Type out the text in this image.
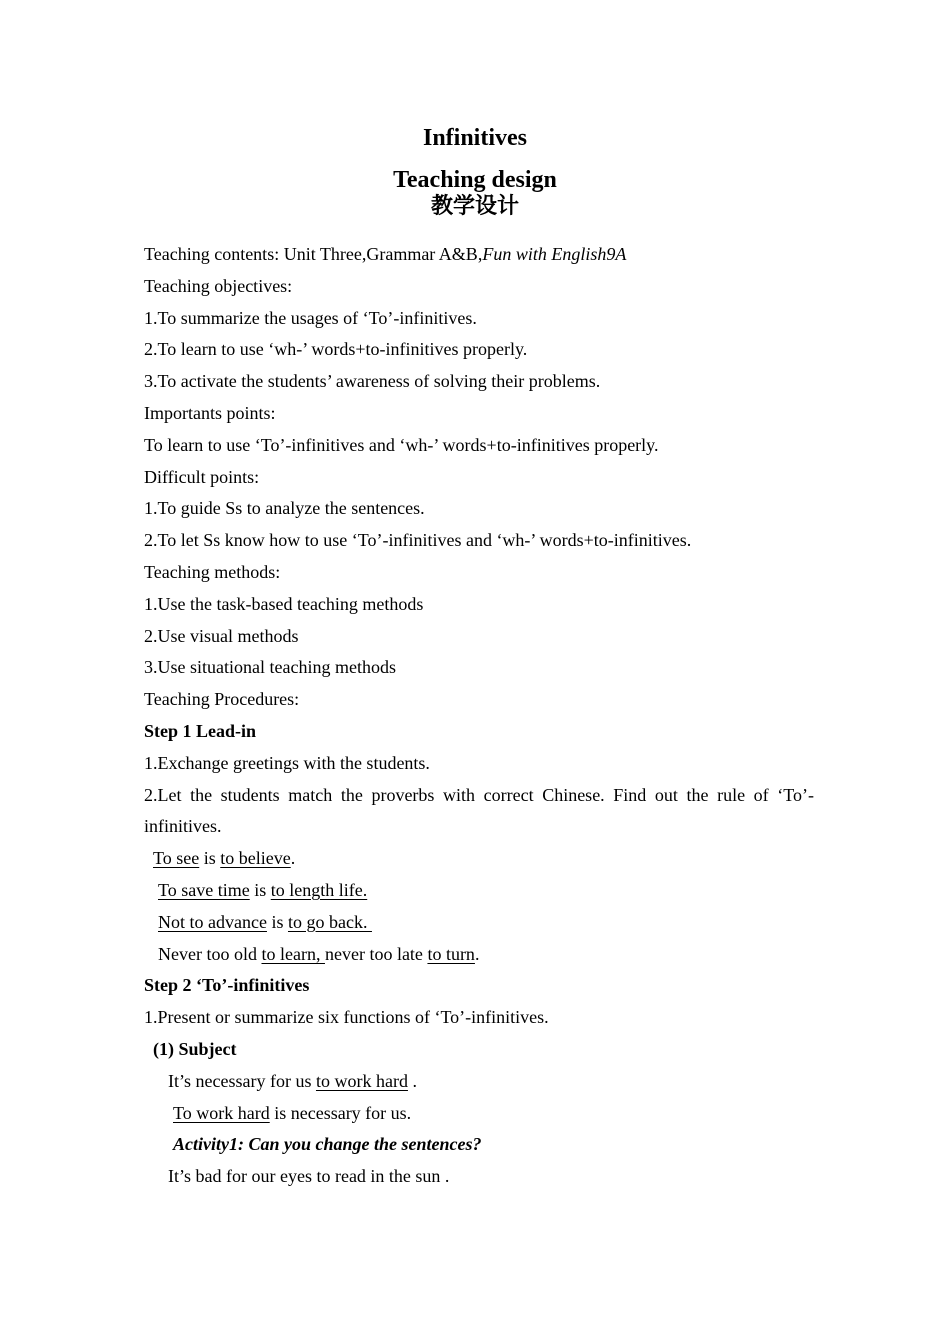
Infinitives
Teaching design
教学设计
Teaching contents: Unit Three,Grammar A&B,Fun with English9A
Teaching objectives:
1.To summarize the usages of ‘To’-infinitives.
2.To learn to use ‘wh-’ words+to-infinitives properly.
3.To activate the students’ awareness of solving their problems.
Importants points:
To learn to use ‘To’-infinitives and ‘wh-’ words+to-infinitives properly.
Difficult points:
1.To guide Ss to analyze the sentences.
2.To let Ss know how to use ‘To’-infinitives and ‘wh-’ words+to-infinitives.
Teaching methods:
1.Use the task-based teaching methods
2.Use visual methods
3.Use situational teaching methods
Teaching Procedures:
Step 1 Lead-in
1.Exchange greetings with the students.
2.Let the students match the proverbs with correct Chinese. Find out the rule of ‘To’-infinitives.
To see is to believe.
To save time is to length life.
Not to advance is to go back.
Never too old to learn, never too late to turn.
Step 2 ‘To’-infinitives
1.Present or summarize six functions of ‘To’-infinitives.
(1) Subject
It’s necessary for us to work hard .
To work hard is necessary for us.
Activity1: Can you change the sentences?
It’s bad for our eyes to read in the sun .
